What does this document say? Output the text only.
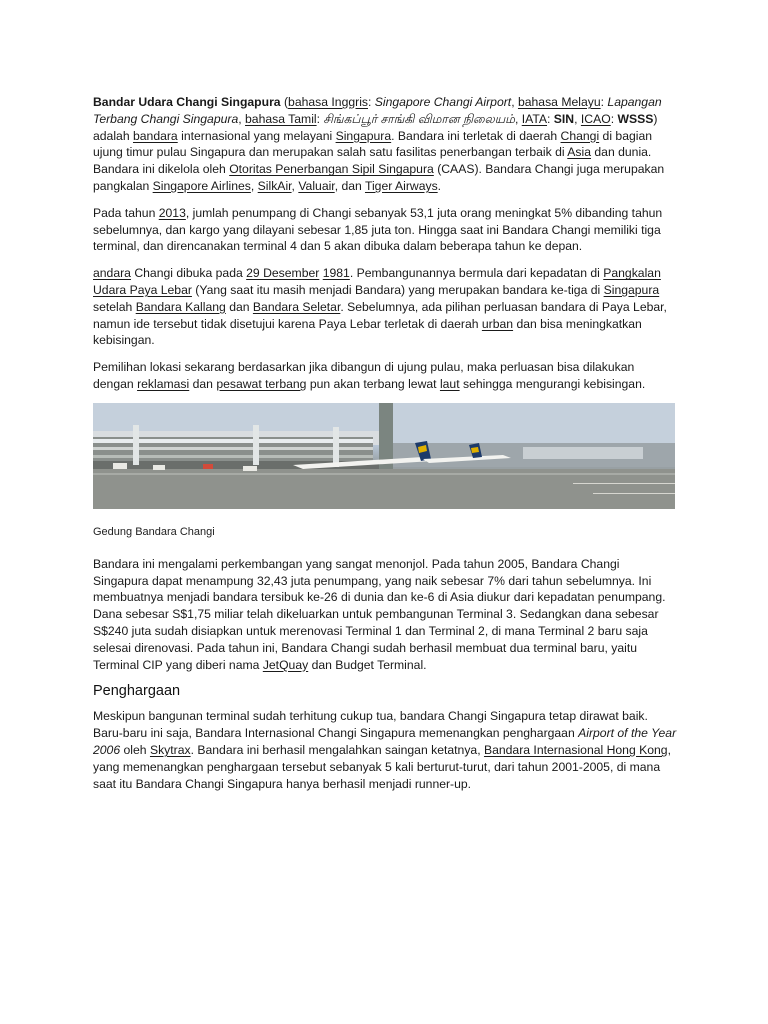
Bandar Udara Changi Singapura (bahasa Inggris: Singapore Changi Airport, bahasa Melayu: Lapangan Terbang Changi Singapura, bahasa Tamil: சிங்கப்பூர் சாங்கி விமான நிலையம், IATA: SIN, ICAO: WSSS) adalah bandara internasional yang melayani Singapura. Bandara ini terletak di daerah Changi di bagian ujung timur pulau Singapura dan merupakan salah satu fasilitas penerbangan terbaik di Asia dan dunia. Bandara ini dikelola oleh Otoritas Penerbangan Sipil Singapura (CAAS). Bandara Changi juga merupakan pangkalan Singapore Airlines, SilkAir, Valuair, dan Tiger Airways.

Pada tahun 2013, jumlah penumpang di Changi sebanyak 53,1 juta orang meningkat 5% dibanding tahun sebelumnya, dan kargo yang dilayani sebesar 1,85 juta ton. Hingga saat ini Bandara Changi memiliki tiga terminal, dan direncanakan terminal 4 dan 5 akan dibuka dalam beberapa tahun ke depan.

andara Changi dibuka pada 29 Desember 1981. Pembangunannya bermula dari kepadatan di Pangkalan Udara Paya Lebar (Yang saat itu masih menjadi Bandara) yang merupakan bandara ke-tiga di Singapura setelah Bandara Kallang dan Bandara Seletar. Sebelumnya, ada pilihan perluasan bandara di Paya Lebar, namun ide tersebut tidak disetujui karena Paya Lebar terletak di daerah urban dan bisa meningkatkan kebisingan.

Pemilihan lokasi sekarang berdasarkan jika dibangun di ujung pulau, maka perluasan bisa dilakukan dengan reklamasi dan pesawat terbang pun akan terbang lewat laut sehingga mengurangi kebisingan.

Gedung Bandara Changi

Bandara ini mengalami perkembangan yang sangat menonjol. Pada tahun 2005, Bandara Changi Singapura dapat menampung 32,43 juta penumpang, yang naik sebesar 7% dari tahun sebelumnya. Ini membuatnya menjadi bandara tersibuk ke-26 di dunia dan ke-6 di Asia diukur dari kepadatan penumpang. Dana sebesar S$1,75 miliar telah dikeluarkan untuk pembangunan Terminal 3. Sedangkan dana sebesar S$240 juta sudah disiapkan untuk merenovasi Terminal 1 dan Terminal 2, di mana Terminal 2 baru saja selesai direnovasi. Pada tahun ini, Bandara Changi sudah berhasil membuat dua terminal baru, yaitu Terminal CIP yang diberi nama JetQuay dan Budget Terminal.

Penghargaan

Meskipun bangunan terminal sudah terhitung cukup tua, bandara Changi Singapura tetap dirawat baik. Baru-baru ini saja, Bandara Internasional Changi Singapura memenangkan penghargaan Airport of the Year 2006 oleh Skytrax. Bandara ini berhasil mengalahkan saingan ketatnya, Bandara Internasional Hong Kong, yang memenangkan penghargaan tersebut sebanyak 5 kali berturut-turut, dari tahun 2001-2005, di mana saat itu Bandara Changi Singapura hanya berhasil menjadi runner-up.
